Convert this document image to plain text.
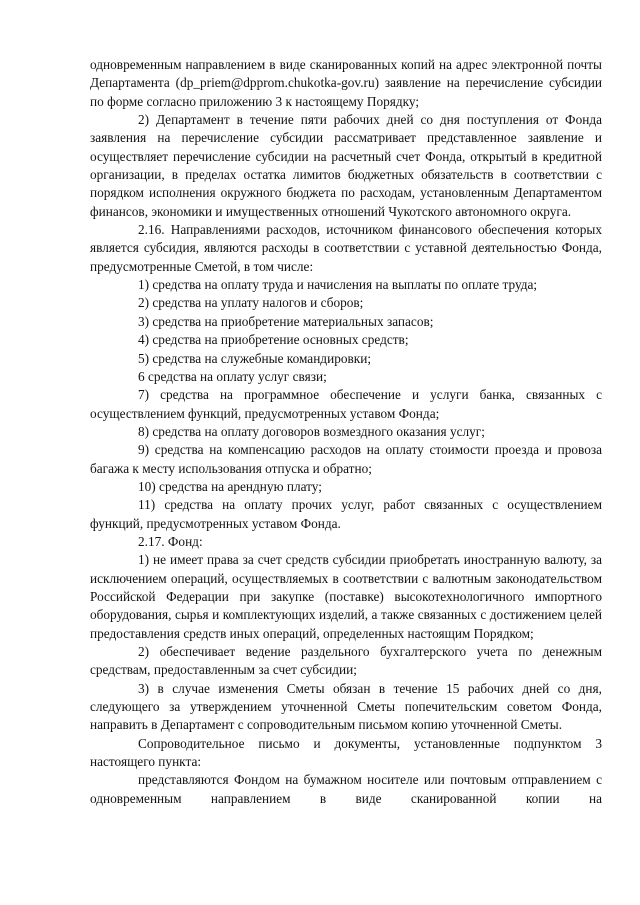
одновременным направлением в виде сканированных копий на адрес электронной почты Департамента (dp_priem@dpprom.chukotka-gov.ru) заявление на перечисление субсидии по форме согласно приложению 3 к настоящему Порядку;

2) Департамент в течение пяти рабочих дней со дня поступления от Фонда заявления на перечисление субсидии рассматривает представленное заявление и осуществляет перечисление субсидии на расчетный счет Фонда, открытый в кредитной организации, в пределах остатка лимитов бюджетных обязательств в соответствии с порядком исполнения окружного бюджета по расходам, установленным Департаментом финансов, экономики и имущественных отношений Чукотского автономного округа.

2.16. Направлениями расходов, источником финансового обеспечения которых является субсидия, являются расходы в соответствии с уставной деятельностью Фонда, предусмотренные Сметой, в том числе:

1) средства на оплату труда и начисления на выплаты по оплате труда;

2) средства на уплату налогов и сборов;

3) средства на приобретение материальных запасов;

4) средства на приобретение основных средств;

5) средства на служебные командировки;

6 средства на оплату услуг связи;

7) средства на программное обеспечение и услуги банка, связанных с осуществлением функций, предусмотренных уставом Фонда;

8) средства на оплату договоров возмездного оказания услуг;

9) средства на компенсацию расходов на оплату стоимости проезда и провоза багажа к месту использования отпуска и обратно;

10) средства на арендную плату;

11) средства на оплату прочих услуг, работ связанных с осуществлением функций, предусмотренных уставом Фонда.

2.17. Фонд:

1) не имеет права за счет средств субсидии приобретать иностранную валюту, за исключением операций, осуществляемых в соответствии с валютным законодательством Российской Федерации при закупке (поставке) высокотехнологичного импортного оборудования, сырья и комплектующих изделий, а также связанных с достижением целей предоставления средств иных операций, определенных настоящим Порядком;

2) обеспечивает ведение раздельного бухгалтерского учета по денежным средствам, предоставленным за счет субсидии;

3) в случае изменения Сметы обязан в течение 15 рабочих дней со дня, следующего за утверждением уточненной Сметы попечительским советом Фонда, направить в Департамент с сопроводительным письмом копию уточненной Сметы.

Сопроводительное письмо и документы, установленные подпунктом 3 настоящего пункта:

представляются Фондом на бумажном носителе или почтовым отправлением с одновременным направлением в виде сканированной копии на
